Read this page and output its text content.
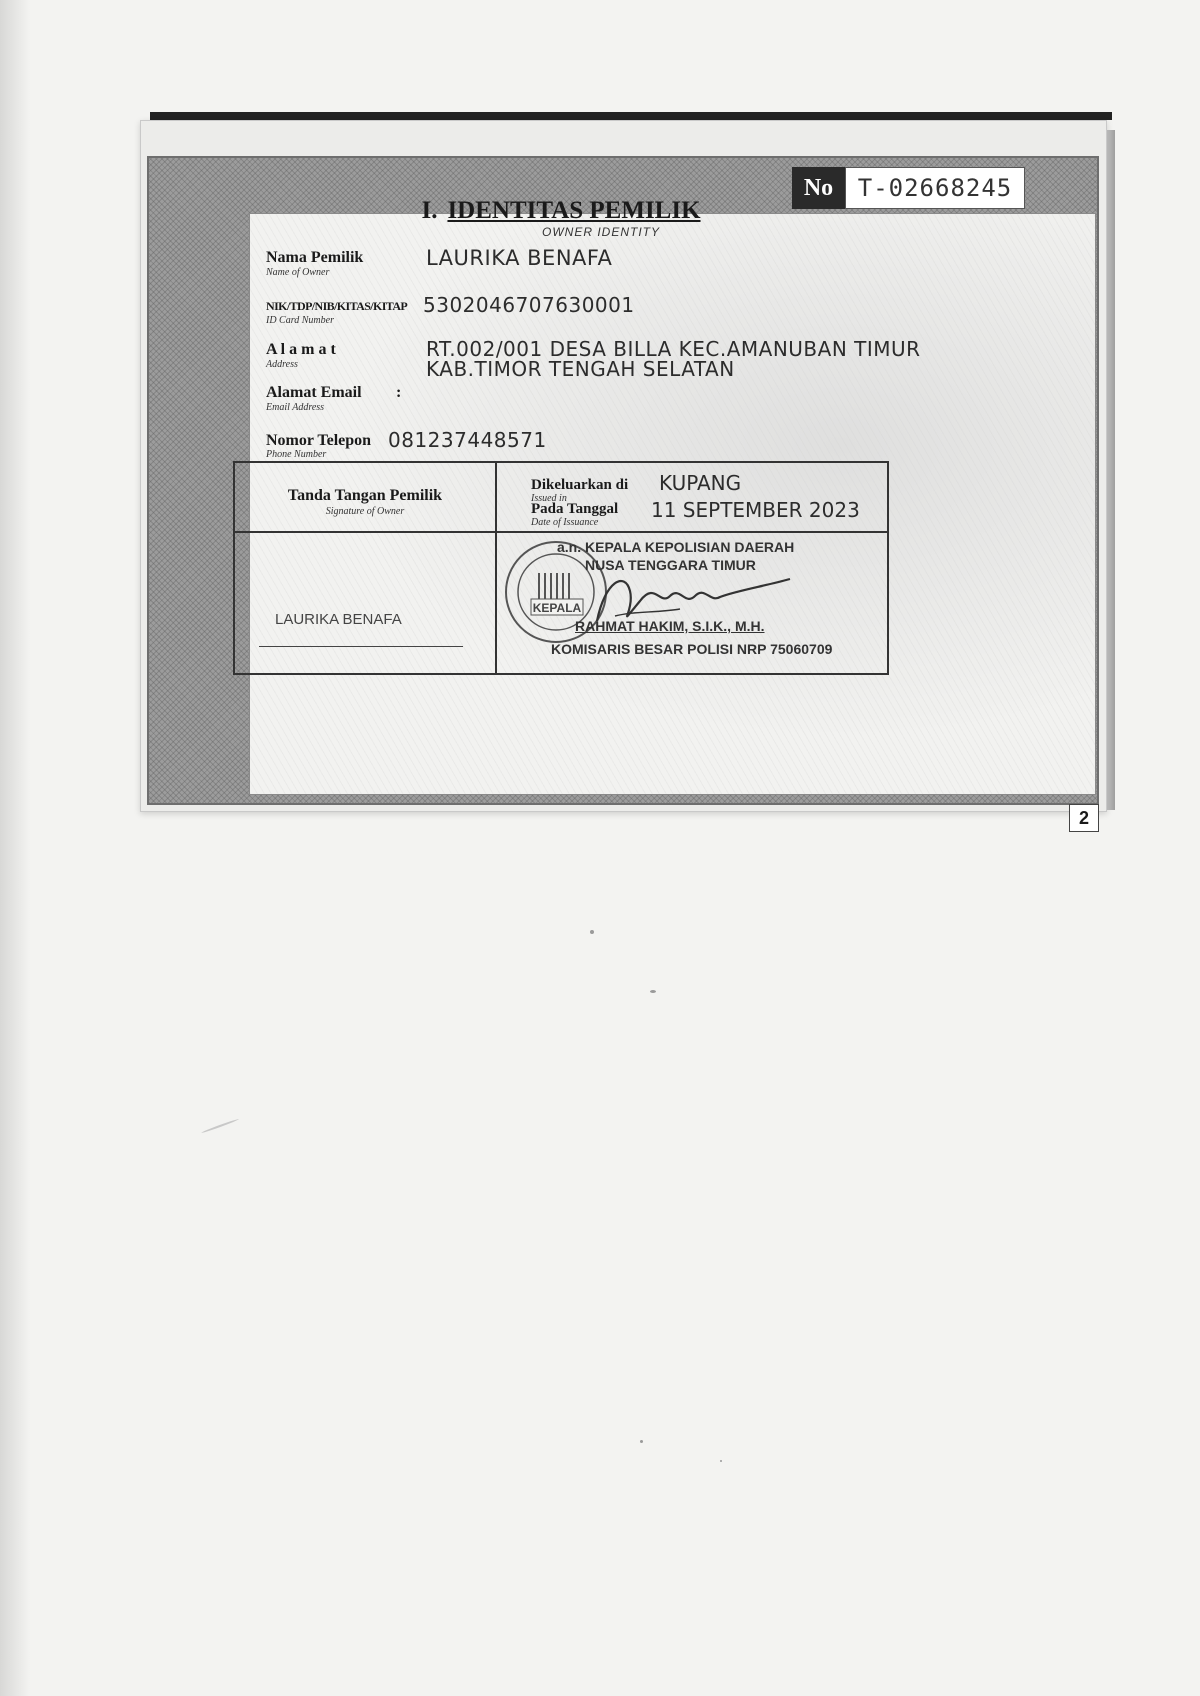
No	T-02668245
I. IDENTITAS PEMILIK
OWNER IDENTITY
Nama Pemilik
Name of Owner
LAURIKA BENAFA
NIK/TDP/NIB/KITAS/KITAP
ID Card Number
5302046707630001
A l a m a t
Address
RT.002/001 DESA BILLA KEC.AMANUBAN TIMUR
KAB.TIMOR TENGAH SELATAN
Alamat Email
Email Address
:
Nomor Telepon
Phone Number
081237448571
Tanda Tangan Pemilik
Signature of Owner
LAURIKA BENAFA
Dikeluarkan di
Issued in
KUPANG
Pada Tanggal
Date of Issuance
11 SEPTEMBER 2023
KEPALA
a.n. KEPALA KEPOLISIAN DAERAH
NUSA TENGGARA TIMUR
RAHMAT HAKIM, S.I.K., M.H.
KOMISARIS BESAR POLISI NRP 75060709
2
